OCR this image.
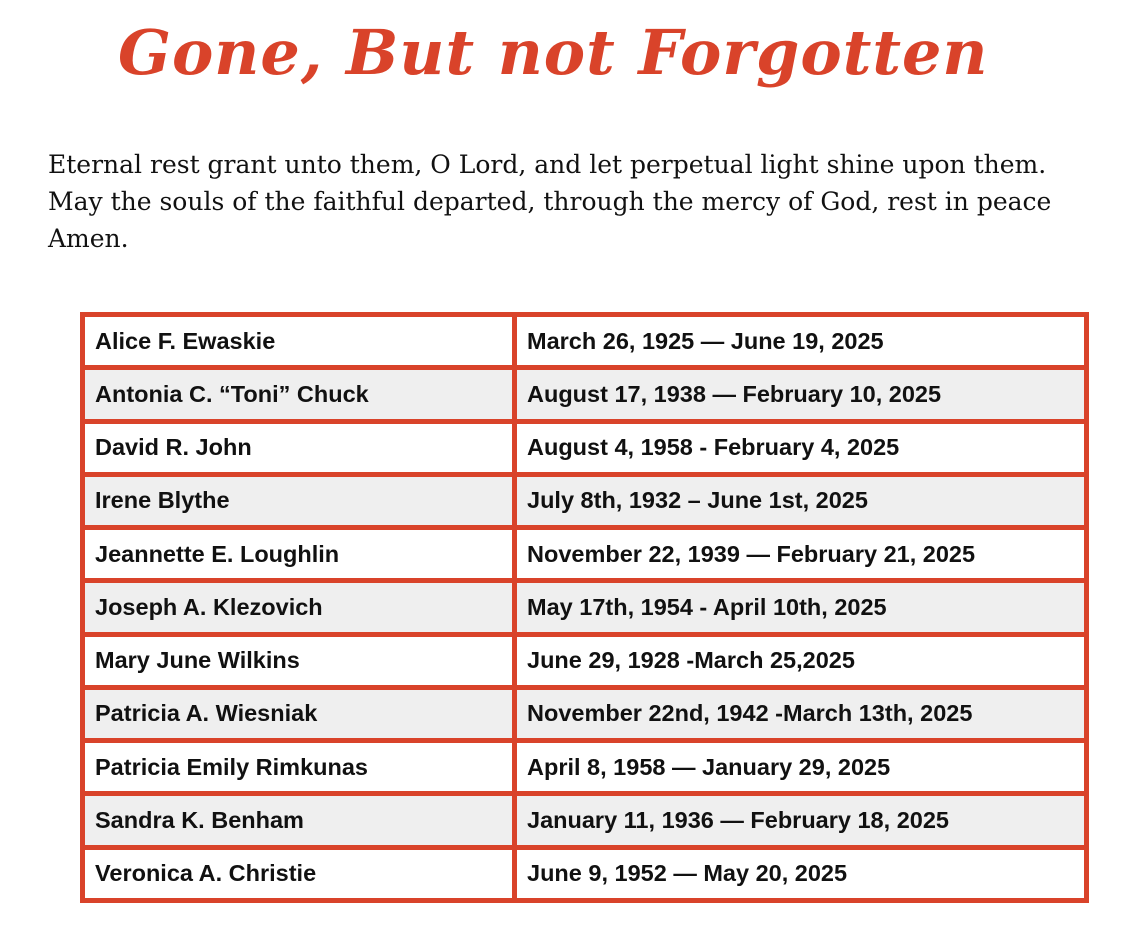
Gone, But not Forgotten

Eternal rest grant unto them, O Lord, and let perpetual light shine upon them. May the souls of the faithful departed, through the mercy of God, rest in peace Amen.

Alice F. Ewaskie	March 26, 1925 — June 19, 2025
Antonia C. “Toni” Chuck	August 17, 1938 — February 10, 2025
David R. John	August 4, 1958 - February 4, 2025
Irene Blythe	July 8th, 1932 – June 1st, 2025
Jeannette E. Loughlin	November 22, 1939 — February 21, 2025
Joseph A. Klezovich	May 17th, 1954 - April 10th, 2025
Mary June Wilkins	June 29, 1928 -March 25,2025
Patricia A. Wiesniak	November 22nd, 1942 -March 13th, 2025
Patricia Emily Rimkunas	April 8, 1958 — January 29, 2025
Sandra K. Benham	January 11, 1936 — February 18, 2025
Veronica A. Christie	June 9, 1952 — May 20, 2025
